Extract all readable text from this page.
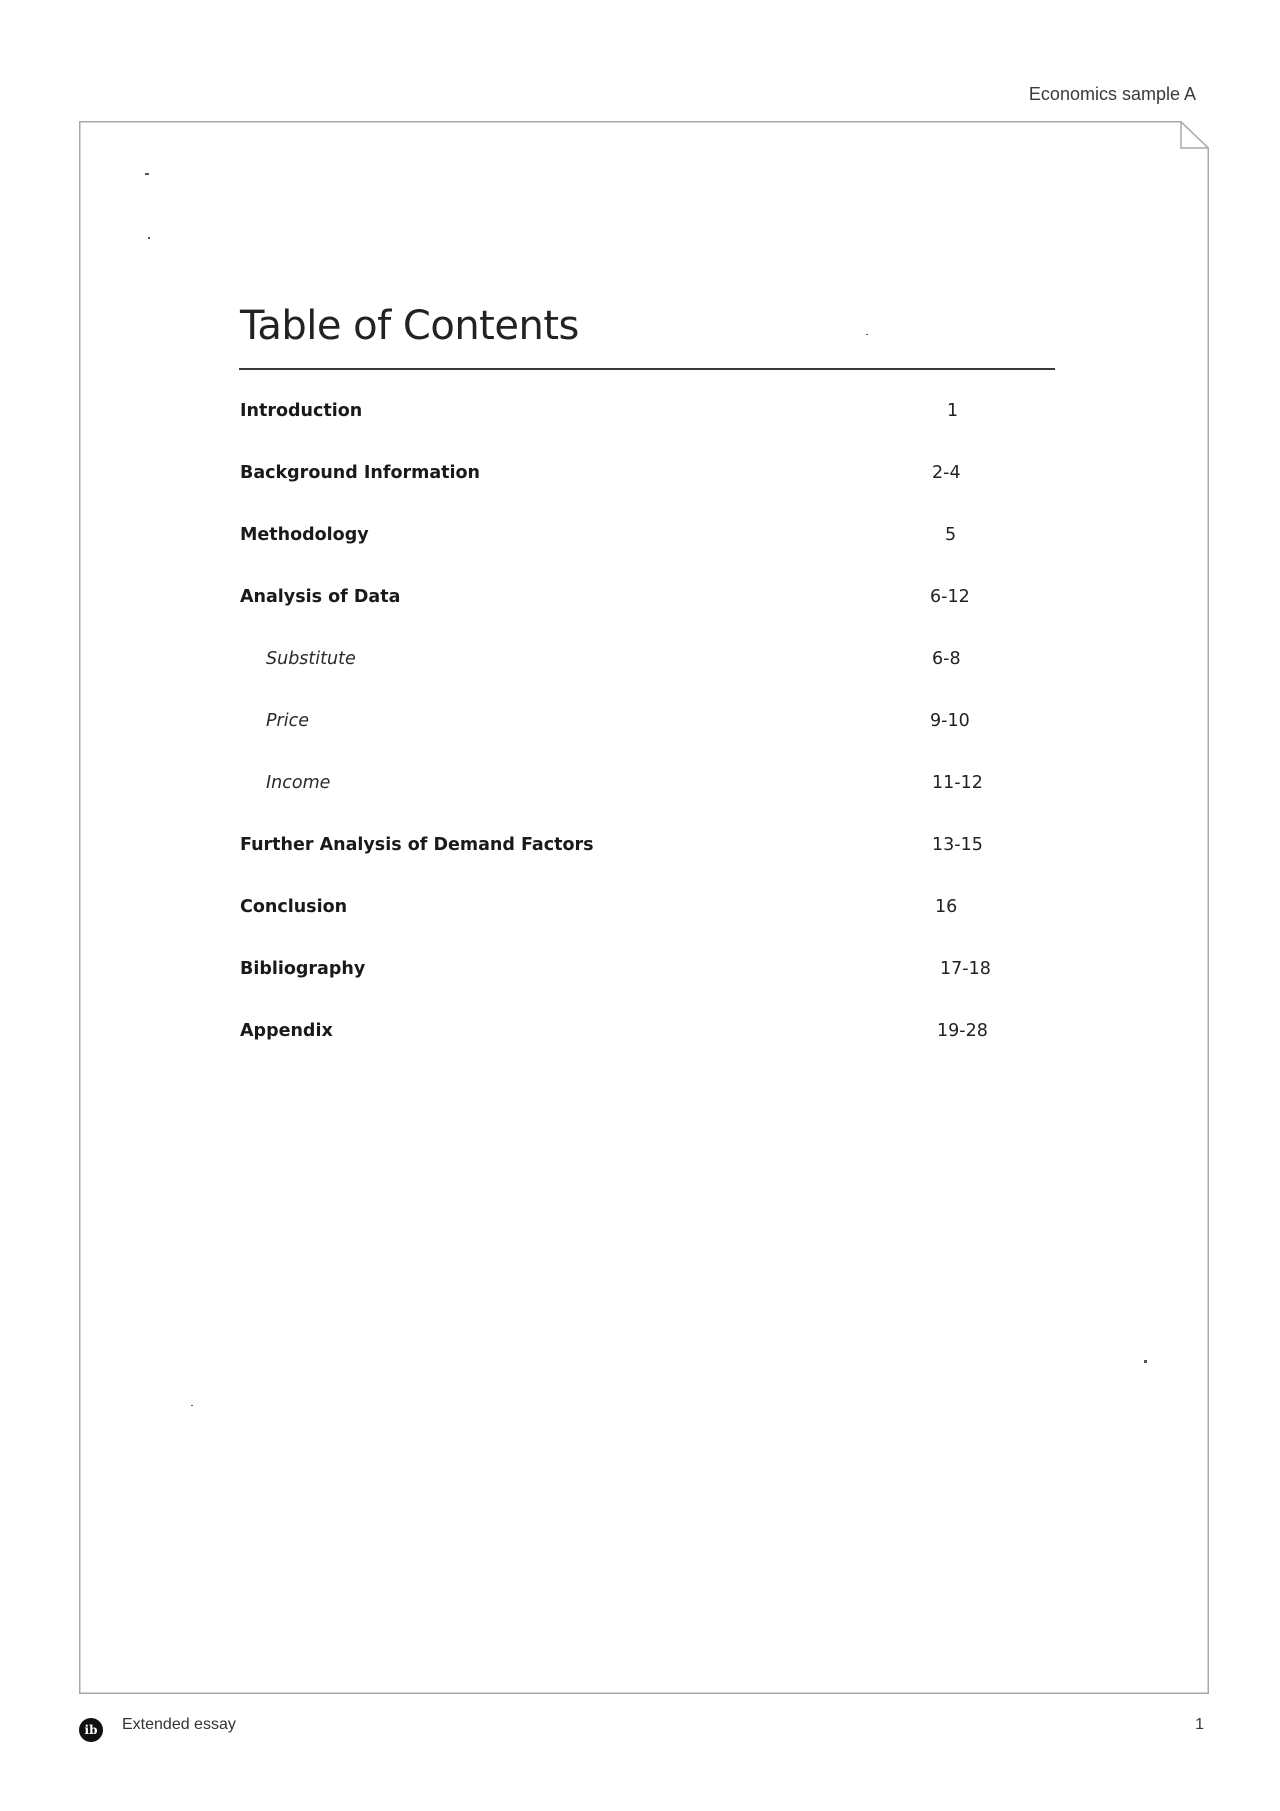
Economics sample A
Table of Contents
Introduction	1
Background Information	2-4
Methodology	5
Analysis of Data	6-12
Substitute	6-8
Price	9-10
Income	11-12
Further Analysis of Demand Factors	13-15
Conclusion	16
Bibliography	17-18
Appendix	19-28
ib	Extended essay	1
